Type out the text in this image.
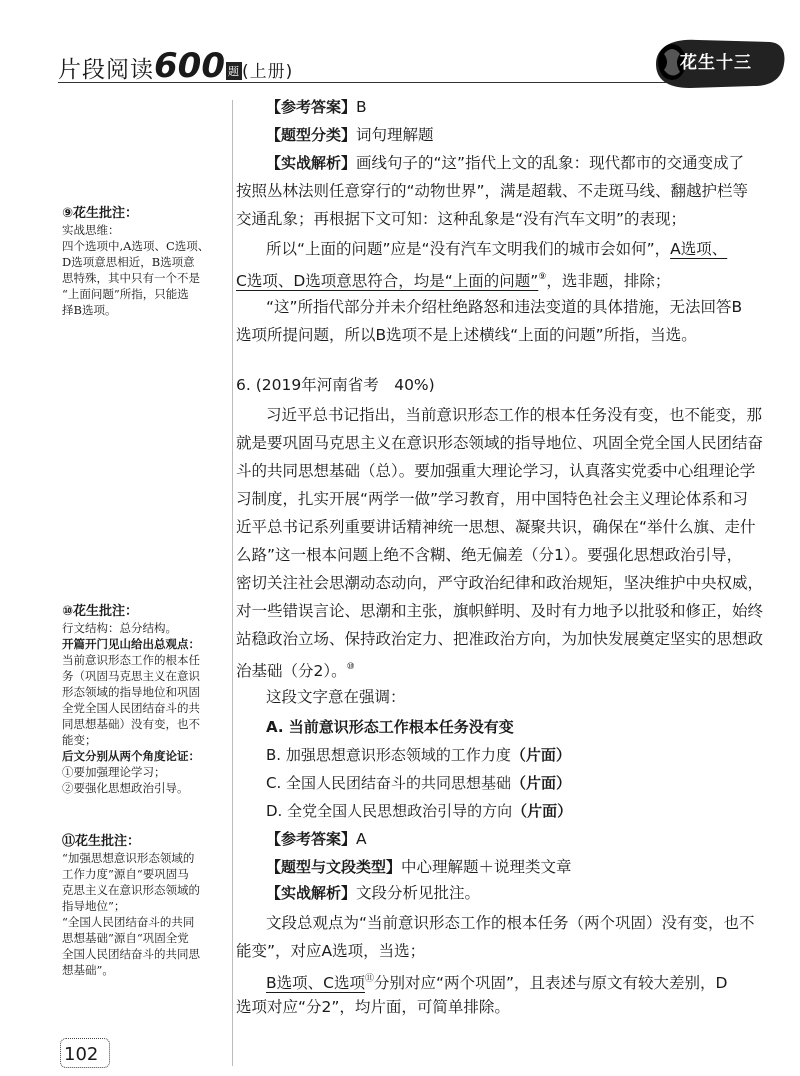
片段阅读600 题 (上册)	花生十三
【参考答案】B
【题型分类】词句理解题
【实战解析】画线句子的“这”指代上文的乱象：现代都市的交通变成了
按照丛林法则任意穿行的“动物世界”，满是超载、不走斑马线、翻越护栏等
交通乱象；再根据下文可知：这种乱象是“没有汽车文明”的表现；
所以“上面的问题”应是“没有汽车文明我们的城市会如何”，A选项、
C选项、D选项意思符合，均是“上面的问题”⑨，选非题，排除；
“这”所指代部分并未介绍杜绝路怒和违法变道的具体措施，无法回答B
选项所提问题，所以B选项不是上述横线“上面的问题”所指，当选。
6. (2019年河南省考　40%)
习近平总书记指出，当前意识形态工作的根本任务没有变，也不能变，那
就是要巩固马克思主义在意识形态领域的指导地位、巩固全党全国人民团结奋
斗的共同思想基础（总）。要加强重大理论学习，认真落实党委中心组理论学
习制度，扎实开展“两学一做”学习教育，用中国特色社会主义理论体系和习
近平总书记系列重要讲话精神统一思想、凝聚共识，确保在“举什么旗、走什
么路”这一根本问题上绝不含糊、绝无偏差（分1）。要强化思想政治引导，
密切关注社会思潮动态动向，严守政治纪律和政治规矩，坚决维护中央权威，
对一些错误言论、思潮和主张，旗帜鲜明、及时有力地予以批驳和修正，始终
站稳政治立场、保持政治定力、把准政治方向，为加快发展奠定坚实的思想政
治基础（分2）。⑩
这段文字意在强调：
A. 当前意识形态工作根本任务没有变
B. 加强思想意识形态领域的工作力度（片面）
C. 全国人民团结奋斗的共同思想基础（片面）
D. 全党全国人民思想政治引导的方向（片面）
【参考答案】A
【题型与文段类型】中心理解题＋说理类文章
【实战解析】文段分析见批注。
文段总观点为“当前意识形态工作的根本任务（两个巩固）没有变，也不
能变”，对应A选项，当选；
B选项、C选项⑪分别对应“两个巩固”，且表述与原文有较大差别，D
选项对应“分2”，均片面，可简单排除。

⑨花生批注：

实战思维：

四个选项中,A选项、C选项、

D选项意思相近，B选项意

思特殊，其中只有一个不是

“上面问题”所指，只能选

择B选项。

⑩花生批注：

行文结构：总分结构。

开篇开门见山给出总观点：

当前意识形态工作的根本任

务（巩固马克思主义在意识

形态领域的指导地位和巩固

全党全国人民团结奋斗的共

同思想基础）没有变，也不

能变；

后文分别从两个角度论证：

①要加强理论学习；

②要强化思想政治引导。

⑪花生批注：

“加强思想意识形态领域的

工作力度”源自“要巩固马

克思主义在意识形态领域的

指导地位”；

“全国人民团结奋斗的共同

思想基础”源自“巩固全党

全国人民团结奋斗的共同思

想基础”。

102
